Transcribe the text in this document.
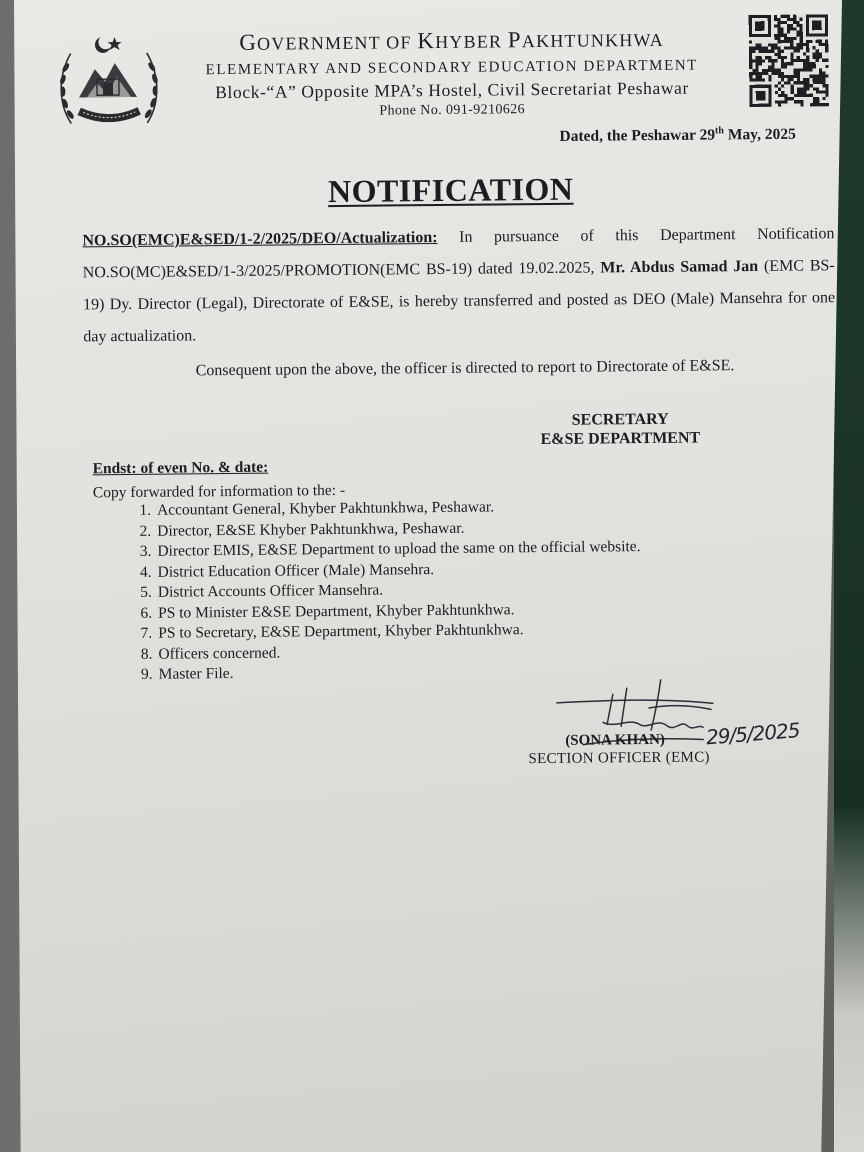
GOVERNMENT OF KHYBER PAKHTUNKHWA
ELEMENTARY AND SECONDARY EDUCATION DEPARTMENT
Block-“A” Opposite MPA’s Hostel, Civil Secretariat Peshawar
Phone No. 091-9210626
Dated, the Peshawar 29th May, 2025
NOTIFICATION
NO.SO(EMC)E&SED/1-2/2025/DEO/Actualization: In pursuance of this Department Notification NO.SO(MC)E&SED/1-3/2025/PROMOTION(EMC BS-19) dated 19.02.2025, Mr. Abdus Samad Jan (EMC BS-19) Dy. Director (Legal), Directorate of E&SE, is hereby transferred and posted as DEO (Male) Mansehra for one day actualization.
Consequent upon the above, the officer is directed to report to Directorate of E&SE.
SECRETARY
E&SE DEPARTMENT
Endst: of even No. & date:
Copy forwarded for information to the: -
1. Accountant General, Khyber Pakhtunkhwa, Peshawar.
2. Director, E&SE Khyber Pakhtunkhwa, Peshawar.
3. Director EMIS, E&SE Department to upload the same on the official website.
4. District Education Officer (Male) Mansehra.
5. District Accounts Officer Mansehra.
6. PS to Minister E&SE Department, Khyber Pakhtunkhwa.
7. PS to Secretary, E&SE Department, Khyber Pakhtunkhwa.
8. Officers concerned.
9. Master File.
(SONA KHAN)
SECTION OFFICER (EMC)
29/5/2025
